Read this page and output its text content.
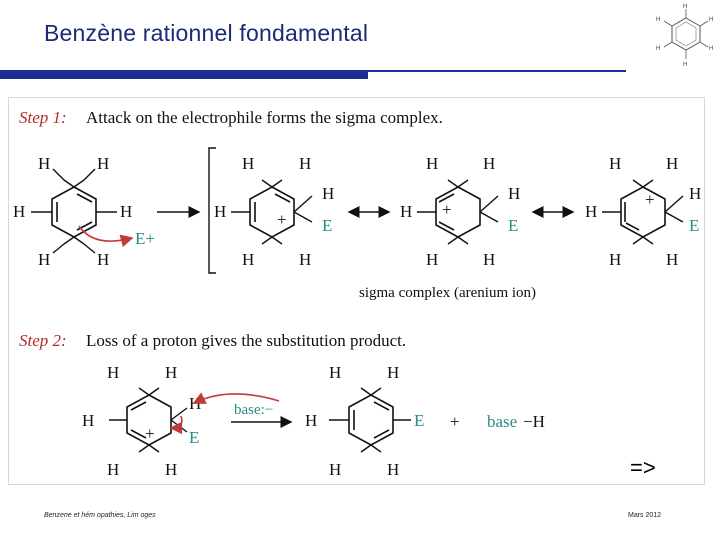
Benzène rationnel fondamental
H
H
H
H
H
H
Step 1: Attack on the electrophile forms the sigma complex.
H	H
H	H
H	H
E+
H	H
H
H
E
+
H	H
H	H
H +
H
E
H	H
H	H
H
+ H
E
H	H
sigma complex (arenium ion)
Step 2: Loss of a proton gives the substitution product.
H	H
H
H
E
+
H	H
base:−
H	H
H	E
H	H
+ base −H
=>
Benzene et hém opathies, Lim oges	Mars 2012
